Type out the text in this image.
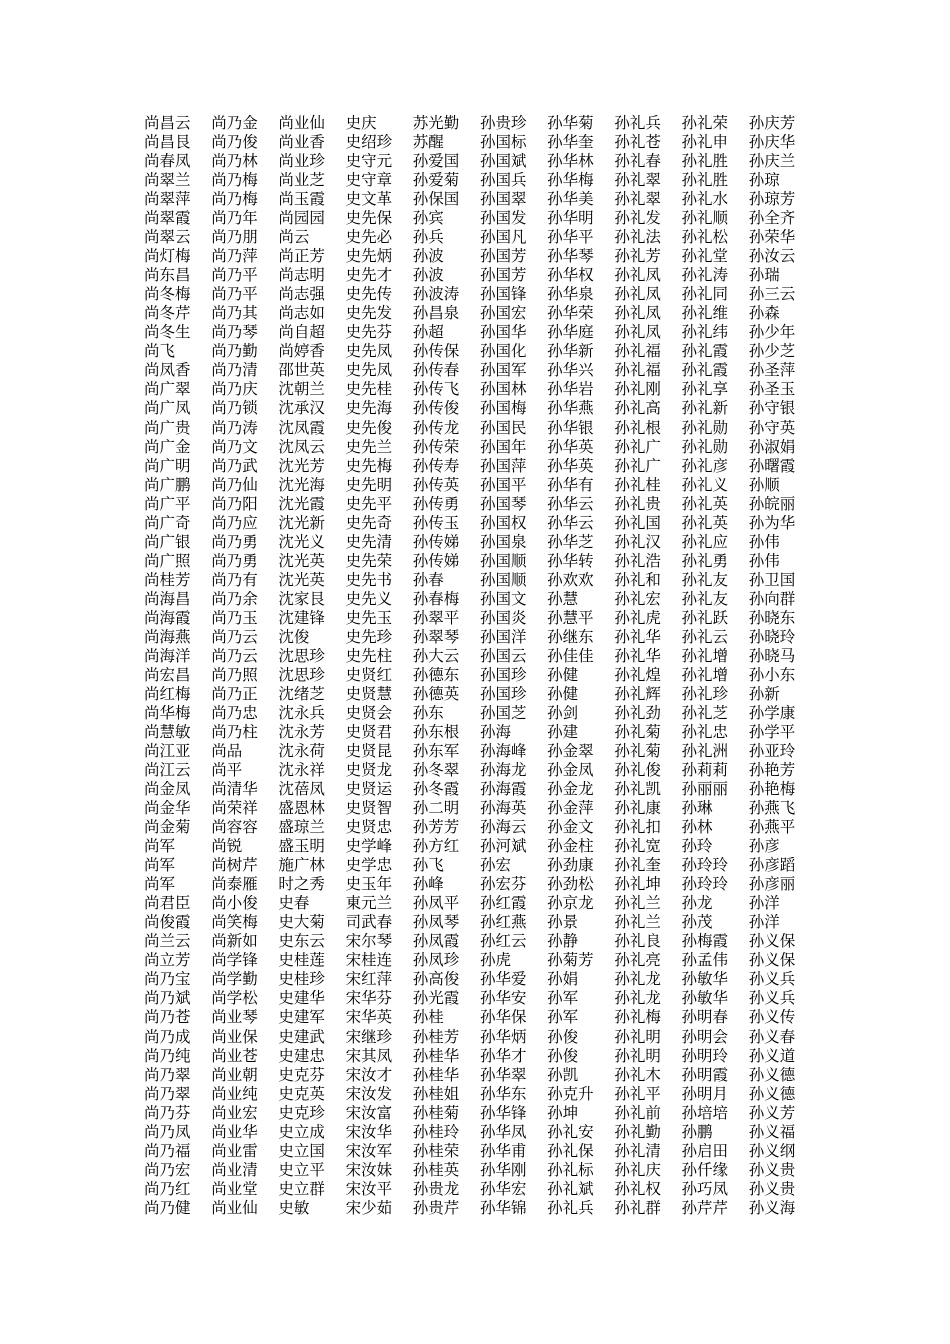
尚昌云	尚乃金	尚业仙	史庆	苏光勤	孙贵珍	孙华菊	孙礼兵	孙礼荣	孙庆芳
尚昌艮	尚乃俊	尚业香	史绍珍	苏醒	孙国标	孙华奎	孙礼苍	孙礼申	孙庆华
尚春凤	尚乃林	尚业珍	史守元	孙爱国	孙国斌	孙华林	孙礼春	孙礼胜	孙庆兰
尚翠兰	尚乃梅	尚业芝	史守章	孙爱菊	孙国兵	孙华梅	孙礼翠	孙礼胜	孙琼
尚翠萍	尚乃梅	尚玉霞	史文革	孙保国	孙国翠	孙华美	孙礼翠	孙礼水	孙琼芳
尚翠霞	尚乃年	尚园园	史先保	孙宾	孙国发	孙华明	孙礼发	孙礼顺	孙全齐
尚翠云	尚乃朋	尚云	史先必	孙兵	孙国凡	孙华平	孙礼法	孙礼松	孙荣华
尚灯梅	尚乃萍	尚正芳	史先炳	孙波	孙国芳	孙华琴	孙礼芳	孙礼堂	孙汝云
尚东昌	尚乃平	尚志明	史先才	孙波	孙国芳	孙华权	孙礼凤	孙礼涛	孙瑞
尚冬梅	尚乃平	尚志强	史先传	孙波涛	孙国锋	孙华泉	孙礼凤	孙礼同	孙三云
尚冬芹	尚乃其	尚志如	史先发	孙昌泉	孙国宏	孙华荣	孙礼凤	孙礼维	孙森
尚冬生	尚乃琴	尚自超	史先芬	孙超	孙国华	孙华庭	孙礼凤	孙礼纬	孙少年
尚飞	尚乃勤	尚婷香	史先凤	孙传保	孙国化	孙华新	孙礼福	孙礼霞	孙少芝
尚凤香	尚乃清	邵世英	史先凤	孙传春	孙国军	孙华兴	孙礼福	孙礼霞	孙圣萍
尚广翠	尚乃庆	沈朝兰	史先桂	孙传飞	孙国林	孙华岩	孙礼刚	孙礼享	孙圣玉
尚广凤	尚乃锁	沈承汉	史先海	孙传俊	孙国梅	孙华燕	孙礼高	孙礼新	孙守银
尚广贵	尚乃涛	沈凤霞	史先俊	孙传龙	孙国民	孙华银	孙礼根	孙礼勋	孙守英
尚广金	尚乃文	沈凤云	史先兰	孙传荣	孙国年	孙华英	孙礼广	孙礼勋	孙淑娟
尚广明	尚乃武	沈光芳	史先梅	孙传寿	孙国萍	孙华英	孙礼广	孙礼彦	孙曙霞
尚广鹏	尚乃仙	沈光海	史先明	孙传英	孙国平	孙华有	孙礼桂	孙礼义	孙顺
尚广平	尚乃阳	沈光霞	史先平	孙传勇	孙国琴	孙华云	孙礼贵	孙礼英	孙皖丽
尚广奇	尚乃应	沈光新	史先奇	孙传玉	孙国权	孙华云	孙礼国	孙礼英	孙为华
尚广银	尚乃勇	沈光义	史先清	孙传娣	孙国泉	孙华芝	孙礼汉	孙礼应	孙伟
尚广照	尚乃勇	沈光英	史先荣	孙传娣	孙国顺	孙华转	孙礼浩	孙礼勇	孙伟
尚桂芳	尚乃有	沈光英	史先书	孙春	孙国顺	孙欢欢	孙礼和	孙礼友	孙卫国
尚海昌	尚乃余	沈家艮	史先义	孙春梅	孙国文	孙慧	孙礼宏	孙礼友	孙向群
尚海霞	尚乃玉	沈建锋	史先玉	孙翠平	孙国炎	孙慧平	孙礼虎	孙礼跃	孙晓东
尚海燕	尚乃云	沈俊	史先珍	孙翠琴	孙国洋	孙继东	孙礼华	孙礼云	孙晓玲
尚海洋	尚乃云	沈思珍	史先柱	孙大云	孙国云	孙佳佳	孙礼华	孙礼增	孙晓马
尚宏昌	尚乃照	沈思珍	史贤红	孙德东	孙国珍	孙健	孙礼煌	孙礼增	孙小东
尚红梅	尚乃正	沈绪芝	史贤慧	孙德英	孙国珍	孙健	孙礼辉	孙礼珍	孙新
尚华梅	尚乃忠	沈永兵	史贤会	孙东	孙国芝	孙剑	孙礼劲	孙礼芝	孙学康
尚慧敏	尚乃柱	沈永芳	史贤君	孙东根	孙海	孙建	孙礼菊	孙礼忠	孙学平
尚江亚	尚品	沈永荷	史贤昆	孙东军	孙海峰	孙金翠	孙礼菊	孙礼洲	孙亚玲
尚江云	尚平	沈永祥	史贤龙	孙冬翠	孙海龙	孙金凤	孙礼俊	孙莉莉	孙艳芳
尚金凤	尚清华	沈蓓凤	史贤运	孙冬霞	孙海霞	孙金龙	孙礼凯	孙丽丽	孙艳梅
尚金华	尚荣祥	盛恩林	史贤智	孙二明	孙海英	孙金萍	孙礼康	孙琳	孙燕飞
尚金菊	尚容容	盛琼兰	史贤忠	孙芳芳	孙海云	孙金文	孙礼扣	孙林	孙燕平
尚军	尚锐	盛玉明	史学峰	孙方红	孙河斌	孙金柱	孙礼宽	孙玲	孙彦
尚军	尚树芹	施广林	史学忠	孙飞	孙宏	孙劲康	孙礼奎	孙玲玲	孙彦蹈
尚军	尚泰雁	时之秀	史玉年	孙峰	孙宏芬	孙劲松	孙礼坤	孙玲玲	孙彦丽
尚君臣	尚小俊	史春	東元兰	孙凤平	孙红霞	孙京龙	孙礼兰	孙龙	孙洋
尚俊霞	尚笑梅	史大菊	司武春	孙凤琴	孙红燕	孙景	孙礼兰	孙茂	孙洋
尚兰云	尚新如	史东云	宋尔琴	孙凤霞	孙红云	孙静	孙礼良	孙梅霞	孙义保
尚立芳	尚学锋	史桂莲	宋桂连	孙凤珍	孙虎	孙菊芳	孙礼亮	孙孟伟	孙义保
尚乃宝	尚学勤	史桂珍	宋红萍	孙高俊	孙华爱	孙娟	孙礼龙	孙敏华	孙义兵
尚乃斌	尚学松	史建华	宋华芬	孙光霞	孙华安	孙军	孙礼龙	孙敏华	孙义兵
尚乃苍	尚业琴	史建军	宋华英	孙桂	孙华保	孙军	孙礼梅	孙明春	孙义传
尚乃成	尚业保	史建武	宋继珍	孙桂芳	孙华炳	孙俊	孙礼明	孙明会	孙义春
尚乃纯	尚业苍	史建忠	宋其凤	孙桂华	孙华才	孙俊	孙礼明	孙明玲	孙义道
尚乃翠	尚业朝	史克芬	宋汝才	孙桂华	孙华翠	孙凯	孙礼木	孙明霞	孙义德
尚乃翠	尚业纯	史克英	宋汝发	孙桂姐	孙华东	孙克升	孙礼平	孙明月	孙义德
尚乃芬	尚业宏	史克珍	宋汝富	孙桂菊	孙华锋	孙坤	孙礼前	孙培培	孙义芳
尚乃凤	尚业华	史立成	宋汝华	孙桂玲	孙华凤	孙礼安	孙礼勤	孙鹏	孙义福
尚乃福	尚业雷	史立国	宋汝军	孙桂荣	孙华甫	孙礼保	孙礼清	孙启田	孙义纲
尚乃宏	尚业清	史立平	宋汝妹	孙桂英	孙华刚	孙礼标	孙礼庆	孙仟缘	孙义贵
尚乃红	尚业堂	史立群	宋汝平	孙贵龙	孙华宏	孙礼斌	孙礼权	孙巧凤	孙义贵
尚乃健	尚业仙	史敏	宋少茹	孙贵芹	孙华锦	孙礼兵	孙礼群	孙芹芹	孙义海
